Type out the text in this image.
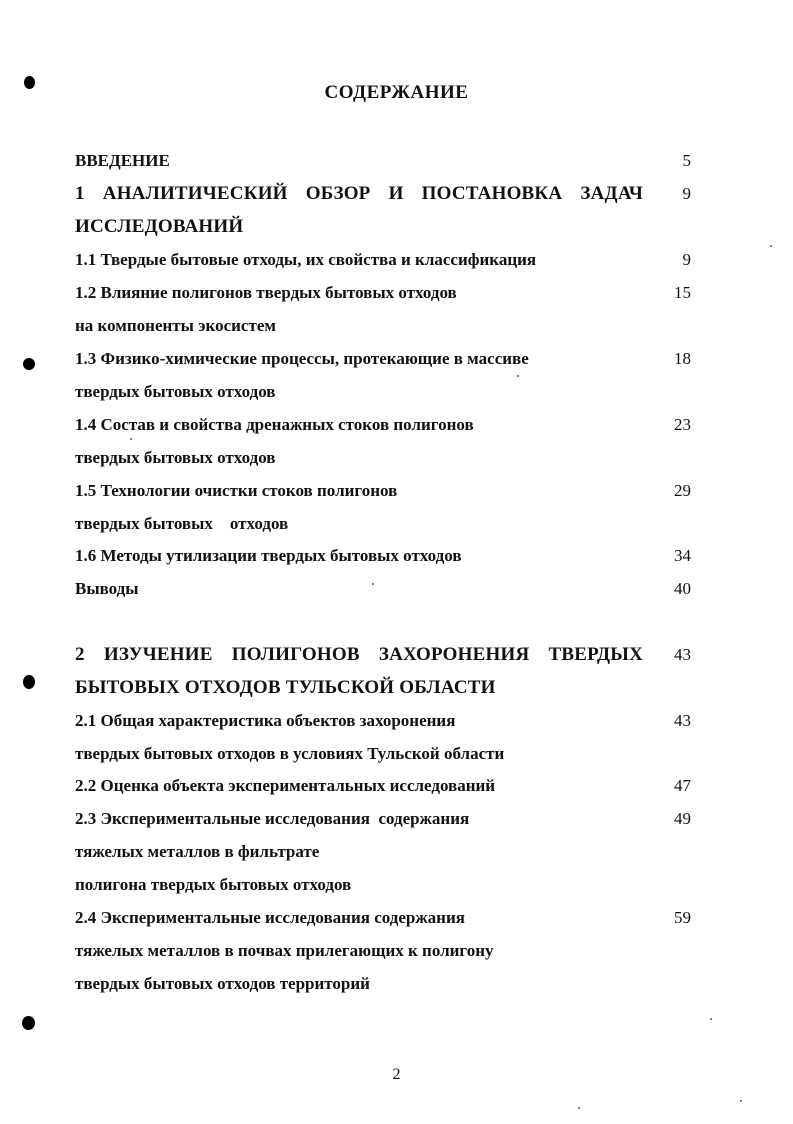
СОДЕРЖАНИЕ
ВВЕДЕНИЕ	5
1 АНАЛИТИЧЕСКИЙ ОБЗОР И ПОСТАНОВКА ЗАДАЧ 9
ИССЛЕДОВАНИЙ
1.1 Твердые бытовые отходы, их свойства и классификация	9
1.2 Влияние полигонов твердых бытовых отходов	15
на компоненты экосистем
1.3 Физико-химические процессы, протекающие в массиве	18
твердых бытовых отходов
1.4 Состав и свойства дренажных стоков полигонов	23
твердых бытовых отходов
1.5 Технологии очистки стоков полигонов	29
твердых бытовых    отходов
1.6 Методы утилизации твердых бытовых отходов	34
Выводы	40
2 ИЗУЧЕНИЕ ПОЛИГОНОВ ЗАХОРОНЕНИЯ ТВЕРДЫХ 43
БЫТОВЫХ ОТХОДОВ ТУЛЬСКОЙ ОБЛАСТИ
2.1 Общая характеристика объектов захоронения	43
твердых бытовых отходов в условиях Тульской области
2.2 Оценка объекта экспериментальных исследований	47
2.3 Экспериментальные исследования  содержания	49
тяжелых металлов в фильтрате
полигона твердых бытовых отходов
2.4 Экспериментальные исследования содержания	59
тяжелых металлов в почвах прилегающих к полигону
твердых бытовых отходов территорий
2
